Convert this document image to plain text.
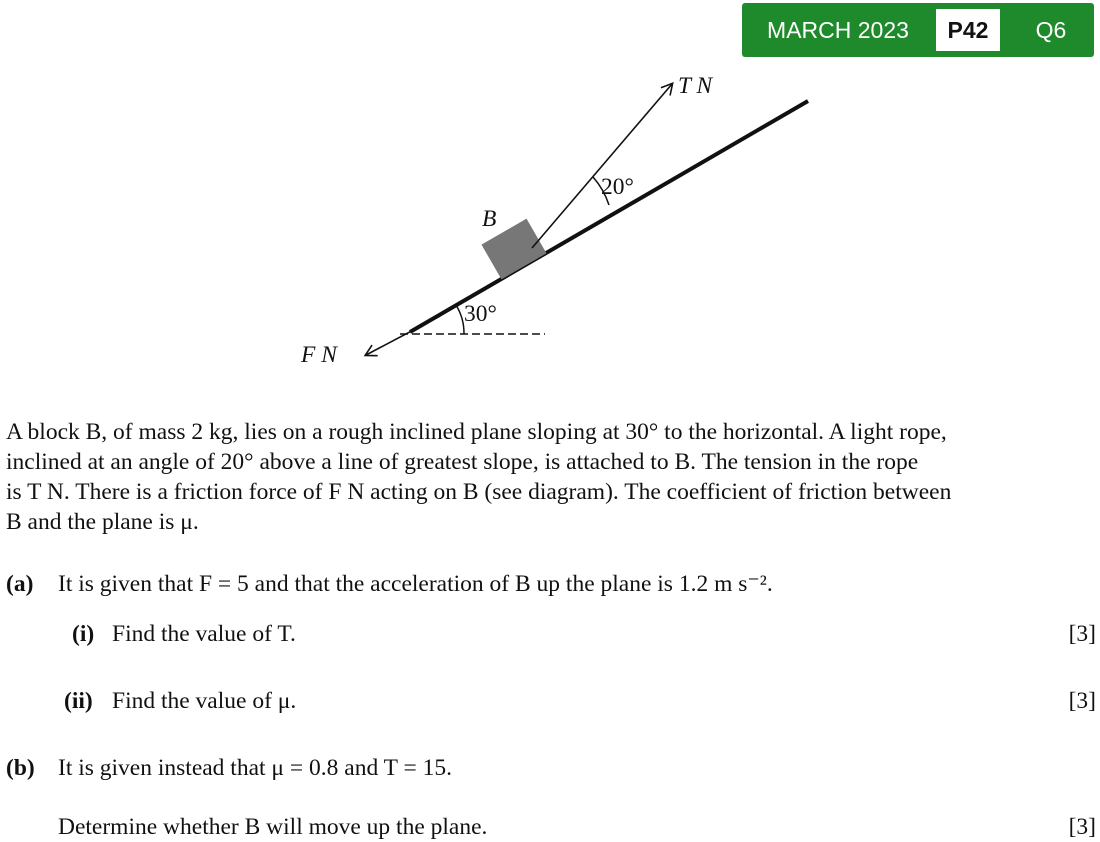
MARCH 2023	P42	Q6
T N
20°
B
30°
F N
A block B, of mass 2 kg, lies on a rough inclined plane sloping at 30° to the horizontal. A light rope,
inclined at an angle of 20° above a line of greatest slope, is attached to B. The tension in the rope
is T N. There is a friction force of F N acting on B (see diagram). The coefficient of friction between
B and the plane is μ.
(a) It is given that F = 5 and that the acceleration of B up the plane is 1.2 m s⁻².
(i) Find the value of T.	[3]
(ii) Find the value of μ.	[3]
(b) It is given instead that μ = 0.8 and T = 15.
Determine whether B will move up the plane.	[3]
